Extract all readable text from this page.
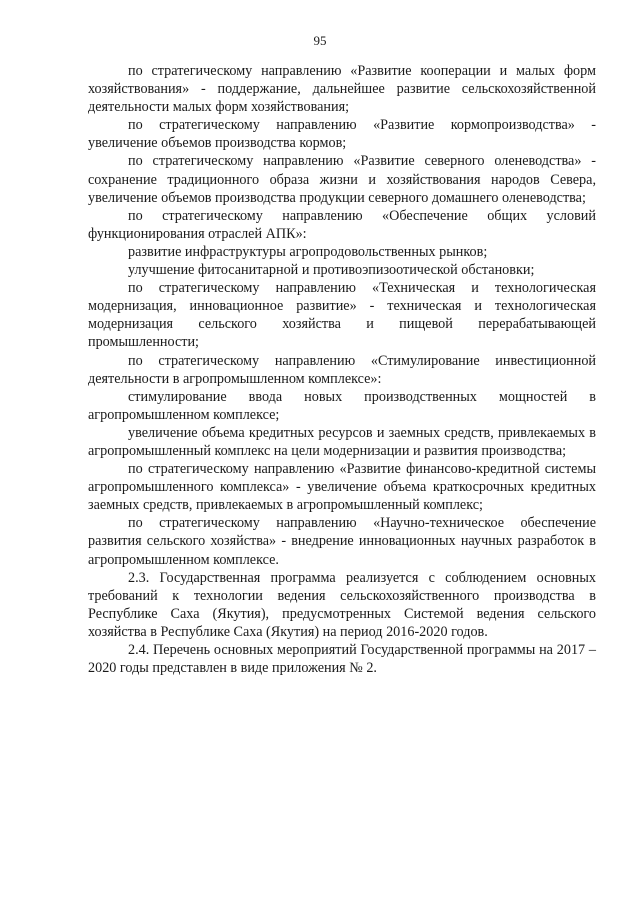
95

по стратегическому направлению «Развитие кооперации и малых форм хозяйствования» - поддержание, дальнейшее развитие сельскохозяйственной деятельности малых форм хозяйствования;

по стратегическому направлению «Развитие кормопроизводства» - увеличение объемов производства кормов;

по стратегическому направлению «Развитие северного оленеводства» - сохранение традиционного образа жизни и хозяйствования народов Севера, увеличение объемов производства продукции северного домашнего оленеводства;

по стратегическому направлению «Обеспечение общих условий функционирования отраслей АПК»:

развитие инфраструктуры агропродовольственных рынков;

улучшение фитосанитарной и противоэпизоотической обстановки;

по стратегическому направлению «Техническая и технологическая модернизация, инновационное развитие» - техническая и технологическая модернизация сельского хозяйства и пищевой перерабатывающей промышленности;

по стратегическому направлению «Стимулирование инвестиционной деятельности в агропромышленном комплексе»:

стимулирование ввода новых производственных мощностей в агропромышленном комплексе;

увеличение объема кредитных ресурсов и заемных средств, привлекаемых в агропромышленный комплекс на цели модернизации и развития производства;

по стратегическому направлению «Развитие финансово-кредитной системы агропромышленного комплекса» - увеличение объема краткосрочных кредитных заемных средств, привлекаемых в агропромышленный комплекс;

по стратегическому направлению «Научно-техническое обеспечение развития сельского хозяйства» - внедрение инновационных научных разработок в агропромышленном комплексе.

2.3. Государственная программа реализуется с соблюдением основных требований к технологии ведения сельскохозяйственного производства в Республике Саха (Якутия), предусмотренных Системой ведения сельского хозяйства в Республике Саха (Якутия) на период 2016-2020 годов.

2.4. Перечень основных мероприятий Государственной программы на 2017 – 2020 годы представлен в виде приложения № 2.
